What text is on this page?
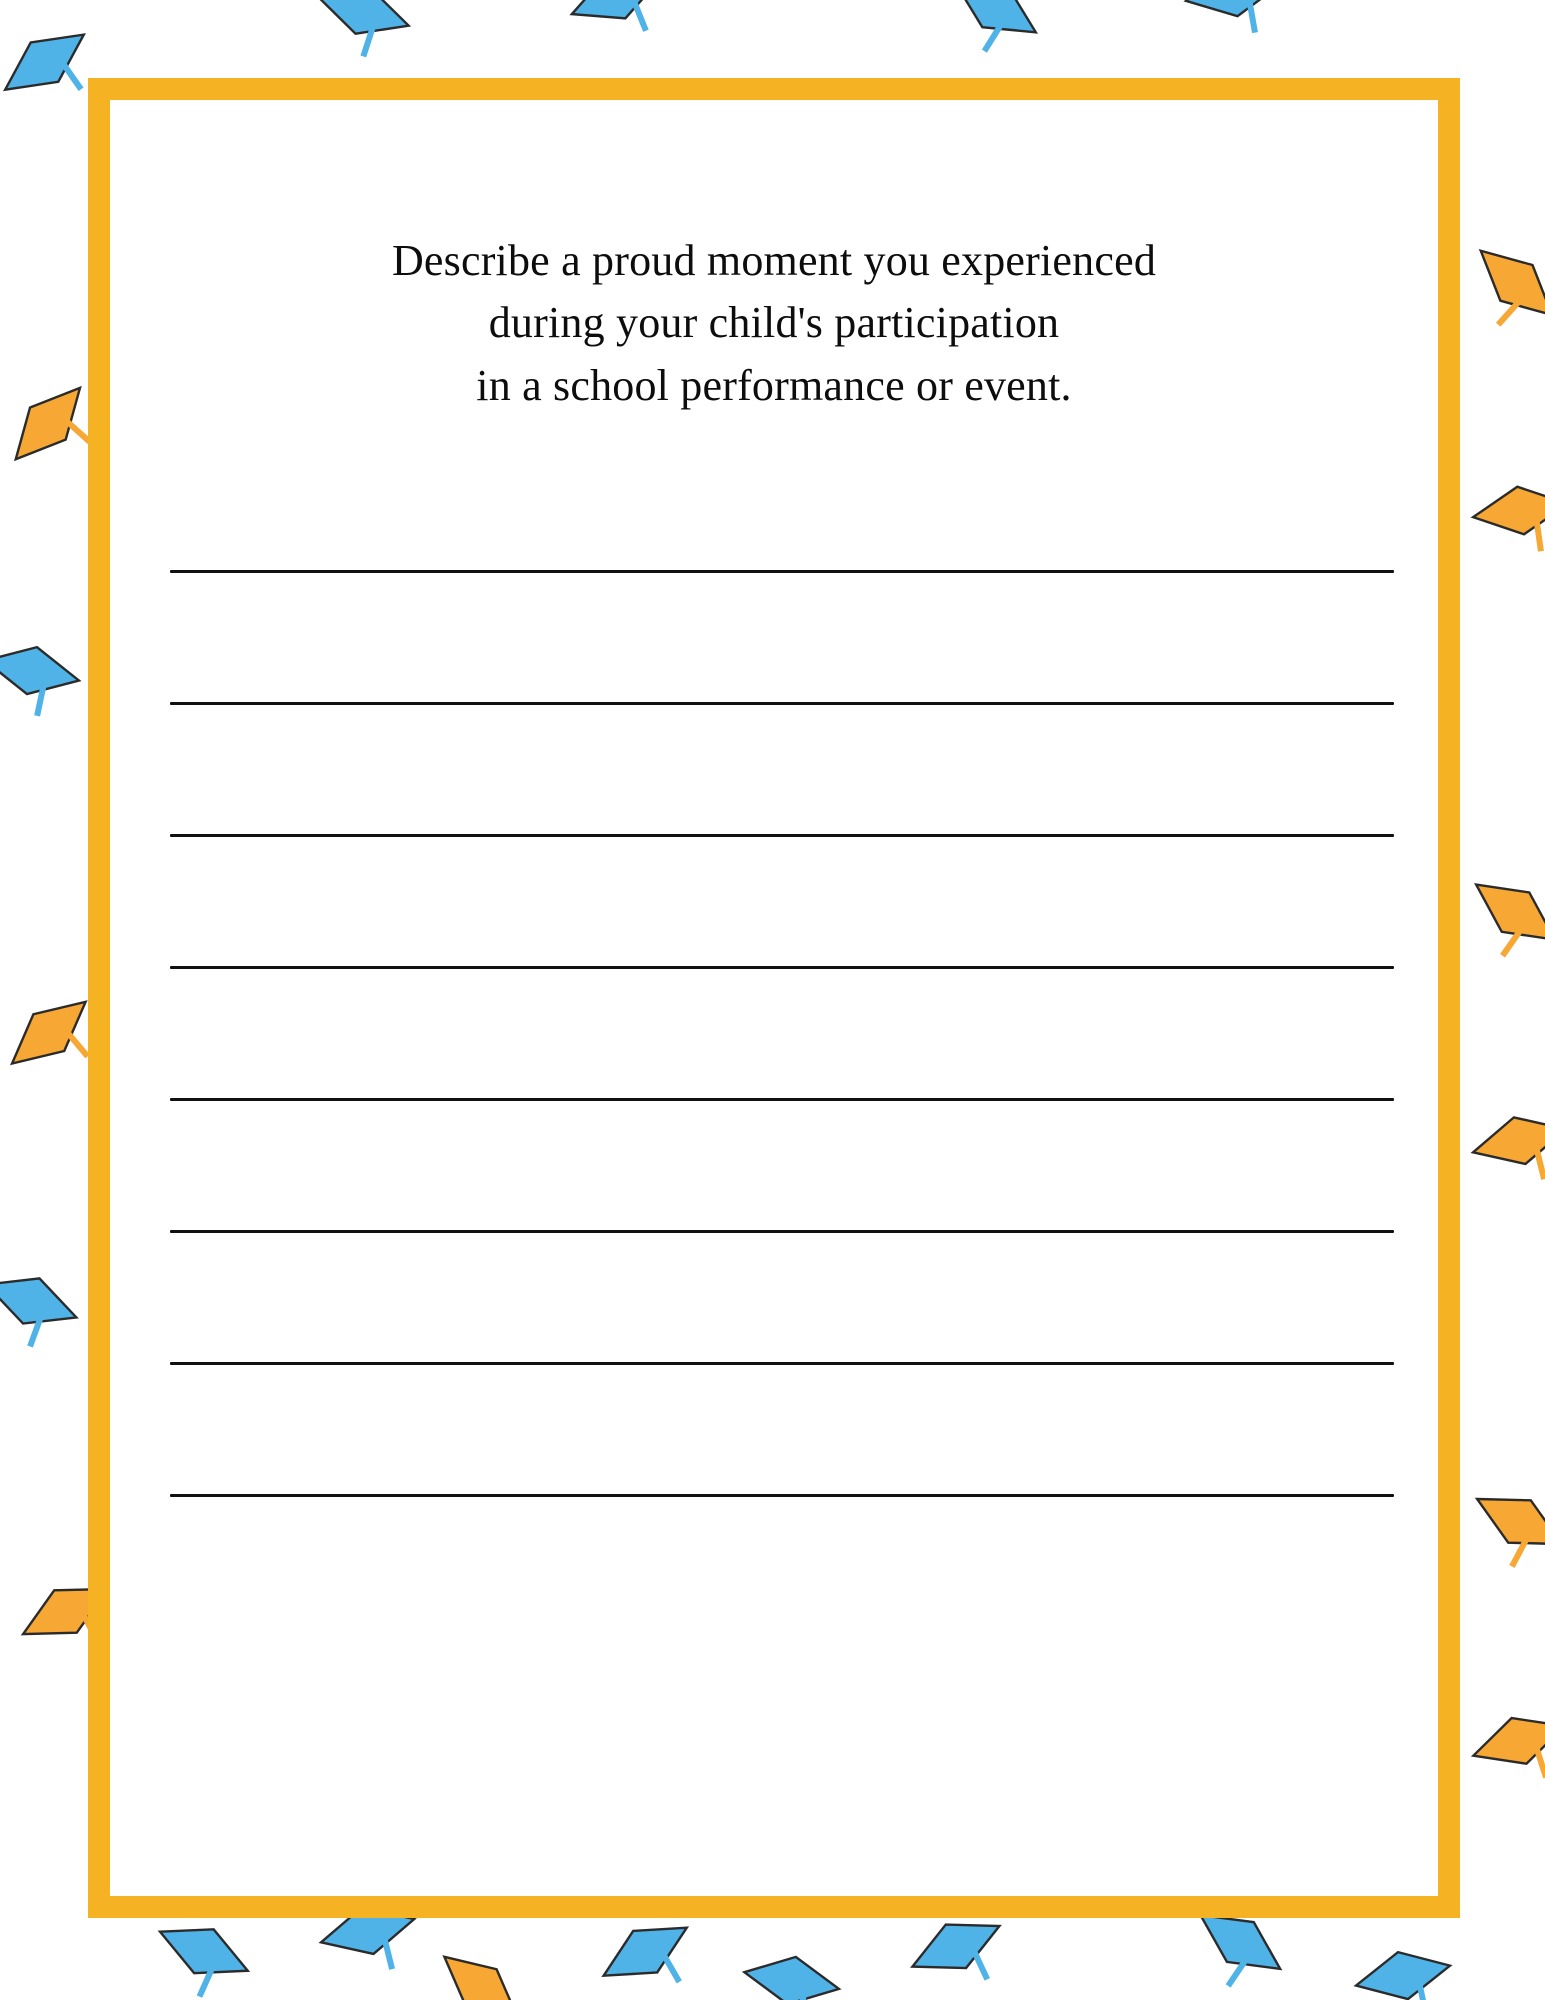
Describe a proud moment you experienced
during your child's participation
in a school performance or event.
